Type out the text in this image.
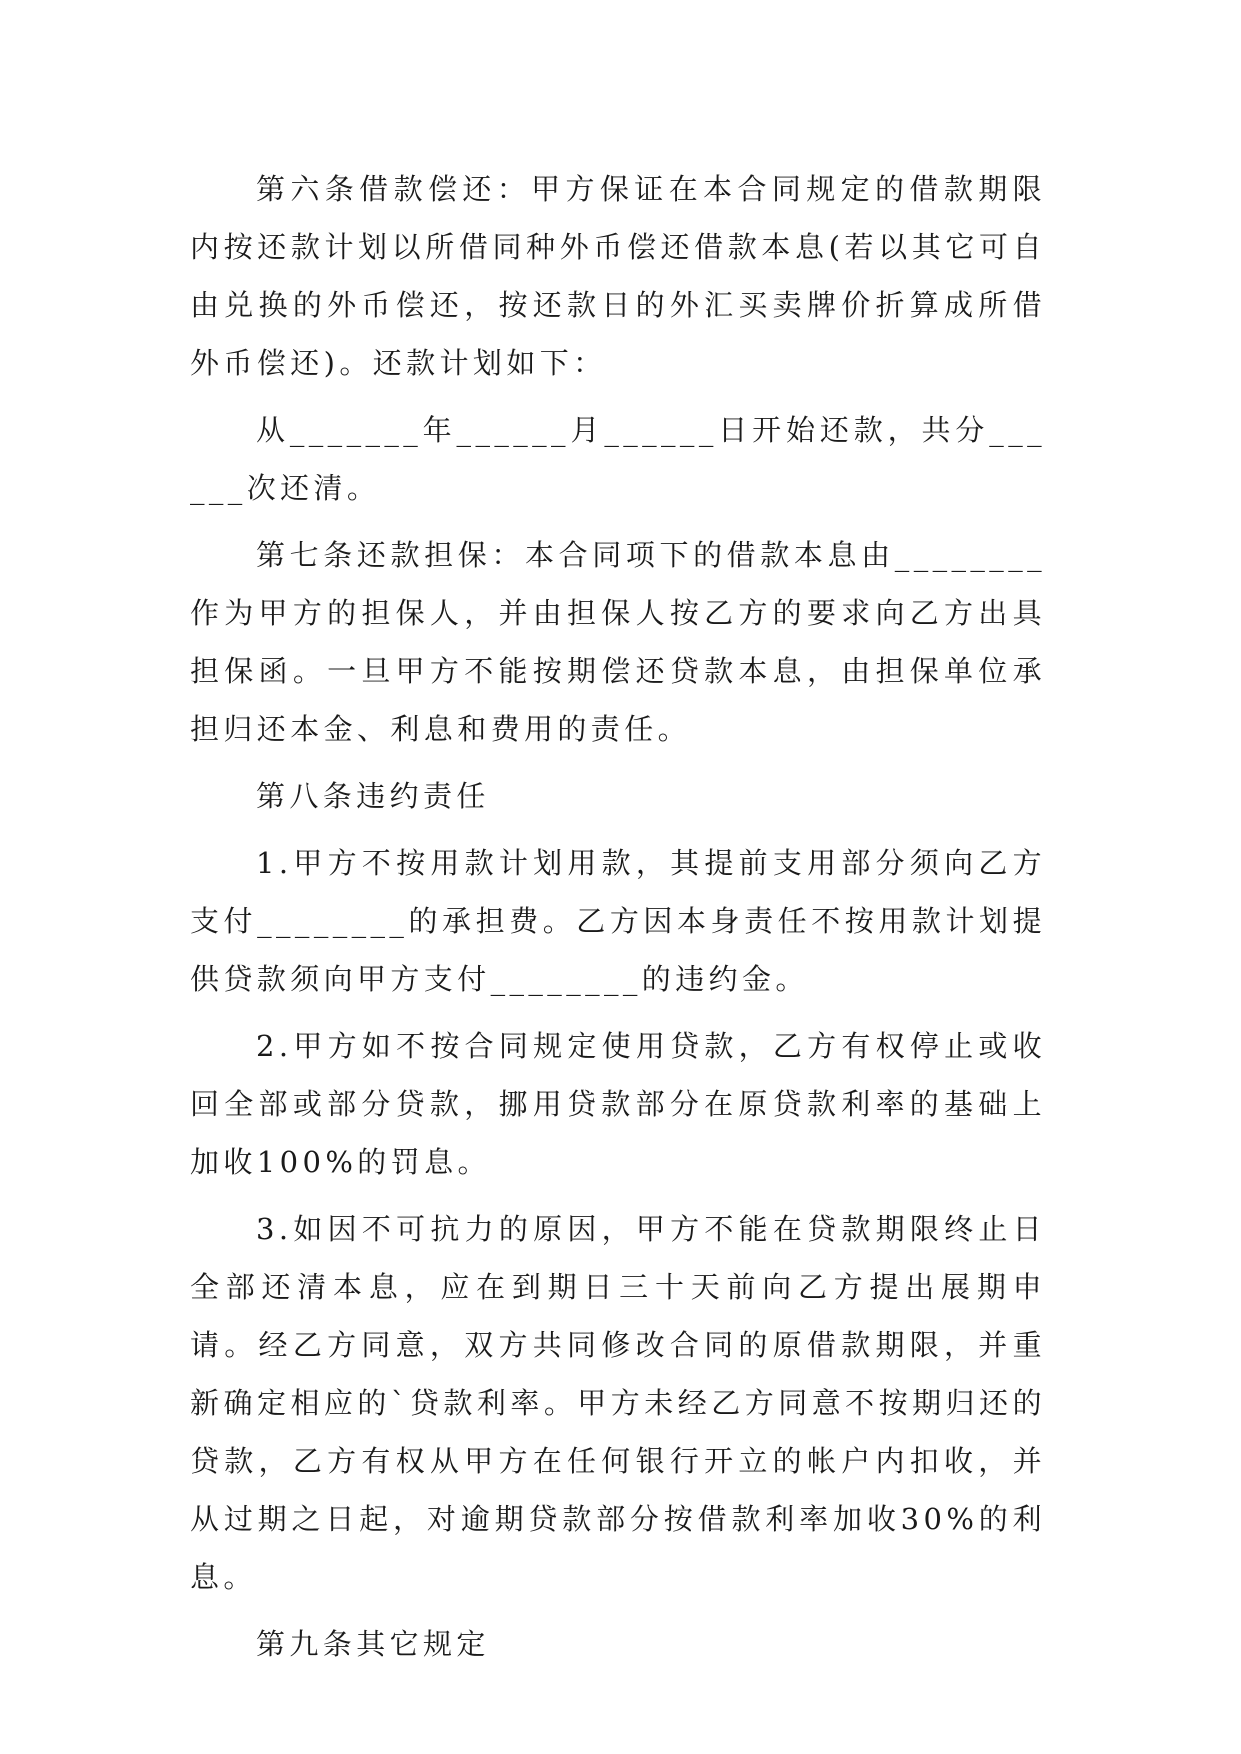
第六条借款偿还：甲方保证在本合同规定的借款期限内按还款计划以所借同种外币偿还借款本息(若以其它可自由兑换的外币偿还，按还款日的外汇买卖牌价折算成所借外币偿还)。还款计划如下：

从_______年______月______日开始还款，共分______次还清。

第七条还款担保：本合同项下的借款本息由________作为甲方的担保人，并由担保人按乙方的要求向乙方出具担保函。一旦甲方不能按期偿还贷款本息，由担保单位承担归还本金、利息和费用的责任。

第八条违约责任

1.甲方不按用款计划用款，其提前支用部分须向乙方支付________的承担费。乙方因本身责任不按用款计划提供贷款须向甲方支付________的违约金。

2.甲方如不按合同规定使用贷款，乙方有权停止或收回全部或部分贷款，挪用贷款部分在原贷款利率的基础上加收100%的罚息。

3.如因不可抗力的原因，甲方不能在贷款期限终止日全部还清本息，应在到期日三十天前向乙方提出展期申请。经乙方同意，双方共同修改合同的原借款期限，并重新确定相应的`贷款利率。甲方未经乙方同意不按期归还的贷款，乙方有权从甲方在任何银行开立的帐户内扣收，并从过期之日起，对逾期贷款部分按借款利率加收30%的利息。

第九条其它规定
